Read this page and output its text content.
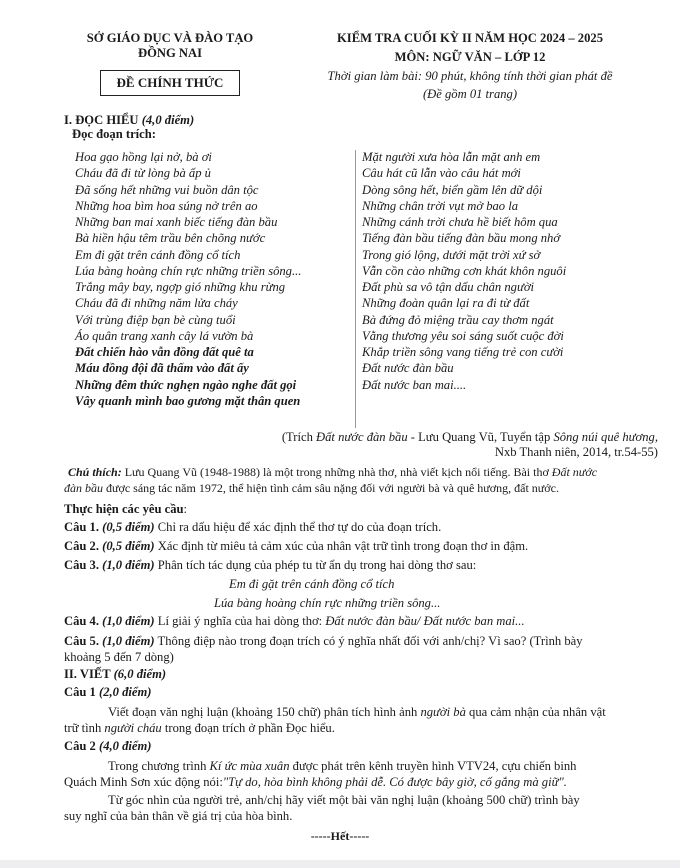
SỞ GIÁO DỤC VÀ ĐÀO TẠO
ĐỒNG NAI
ĐỀ CHÍNH THỨC
KIỂM TRA CUỐI KỲ II NĂM HỌC 2024 – 2025
MÔN: NGỮ VĂN – LỚP 12
Thời gian làm bài: 90 phút, không tính thời gian phát đề
(Đề gồm 01 trang)
I. ĐỌC HIỂU (4,0 điểm)
Đọc đoạn trích:
Hoa gạo hồng lại nở, bà ơi
Cháu đã đi từ lòng bà ấp ủ
Đã sống hết những vui buồn dân tộc
Những hoa bìm hoa súng nở trên ao
Những ban mai xanh biếc tiếng đàn bầu
Bà hiền hậu têm trầu bên chõng nước
Em đi gặt trên cánh đồng cổ tích
Lúa bàng hoàng chín rực những triền sông...
Trắng mây bay, ngợp gió những khu rừng
Cháu đã đi những năm lửa cháy
Với trùng điệp bạn bè cùng tuổi
Áo quân trang xanh cây lá vườn bà
Đất chiến hào vẫn đồng đất quê ta
Máu đồng đội đã thấm vào đất ấy
Những đêm thức nghẹn ngào nghe đất gọi
Vây quanh mình bao gương mặt thân quen
Mặt người xưa hòa lẫn mặt anh em
Câu hát cũ lẫn vào câu hát mới
Dòng sông hết, biển gầm lên dữ dội
Những chân trời vụt mở bao la
Những cánh trời chưa hề biết hôm qua
Tiếng đàn bầu tiếng đàn bầu mong nhớ
Trong gió lộng, dưới mặt trời xứ sở
Vẫn cồn cào những cơn khát khôn nguôi
Đất phù sa vô tận dấu chân người
Những đoàn quân lại ra đi từ đất
Bà đứng đỏ miệng trầu cay thơm ngát
Vằng thương yêu soi sáng suốt cuộc đời
Khắp triền sông vang tiếng trẻ con cười
Đất nước đàn bầu
Đất nước ban mai....
(Trích Đất nước đàn bầu - Lưu Quang Vũ, Tuyển tập Sông núi quê hương,
Nxb Thanh niên, 2014, tr.54-55)
Chú thích: Lưu Quang Vũ (1948-1988) là một trong những nhà thơ, nhà viết kịch nổi tiếng. Bài thơ Đất nước
đàn bầu được sáng tác năm 1972, thể hiện tình cảm sâu nặng đối với người bà và quê hương, đất nước.
Thực hiện các yêu cầu:
Câu 1. (0,5 điểm) Chỉ ra dấu hiệu để xác định thể thơ tự do của đoạn trích.
Câu 2. (0,5 điểm) Xác định từ miêu tả cảm xúc của nhân vật trữ tình trong đoạn thơ in đậm.
Câu 3. (1,0 điểm) Phân tích tác dụng của phép tu từ ẩn dụ trong hai dòng thơ sau:
Em đi gặt trên cánh đồng cổ tích
Lúa bàng hoàng chín rực những triền sông...
Câu 4. (1,0 điểm) Lí giải ý nghĩa của hai dòng thơ: Đất nước đàn bầu/ Đất nước ban mai...
Câu 5. (1,0 điểm) Thông điệp nào trong đoạn trích có ý nghĩa nhất đối với anh/chị? Vì sao? (Trình bày
khoảng 5 đến 7 dòng)
II. VIẾT (6,0 điểm)
Câu 1 (2,0 điểm)
Viết đoạn văn nghị luận (khoảng 150 chữ) phân tích hình ảnh người bà qua cảm nhận của nhân vật
trữ tình người cháu trong đoạn trích ở phần Đọc hiểu.
Câu 2 (4,0 điểm)
Trong chương trình Kí ức mùa xuân được phát trên kênh truyền hình VTV24, cựu chiến binh
Quách Minh Sơn xúc động nói:"Tự do, hòa bình không phải dễ. Có được bây giờ, cố gắng mà giữ".
Từ góc nhìn của người trẻ, anh/chị hãy viết một bài văn nghị luận (khoảng 500 chữ) trình bày
suy nghĩ của bản thân về giá trị của hòa bình.
-----Hết-----
